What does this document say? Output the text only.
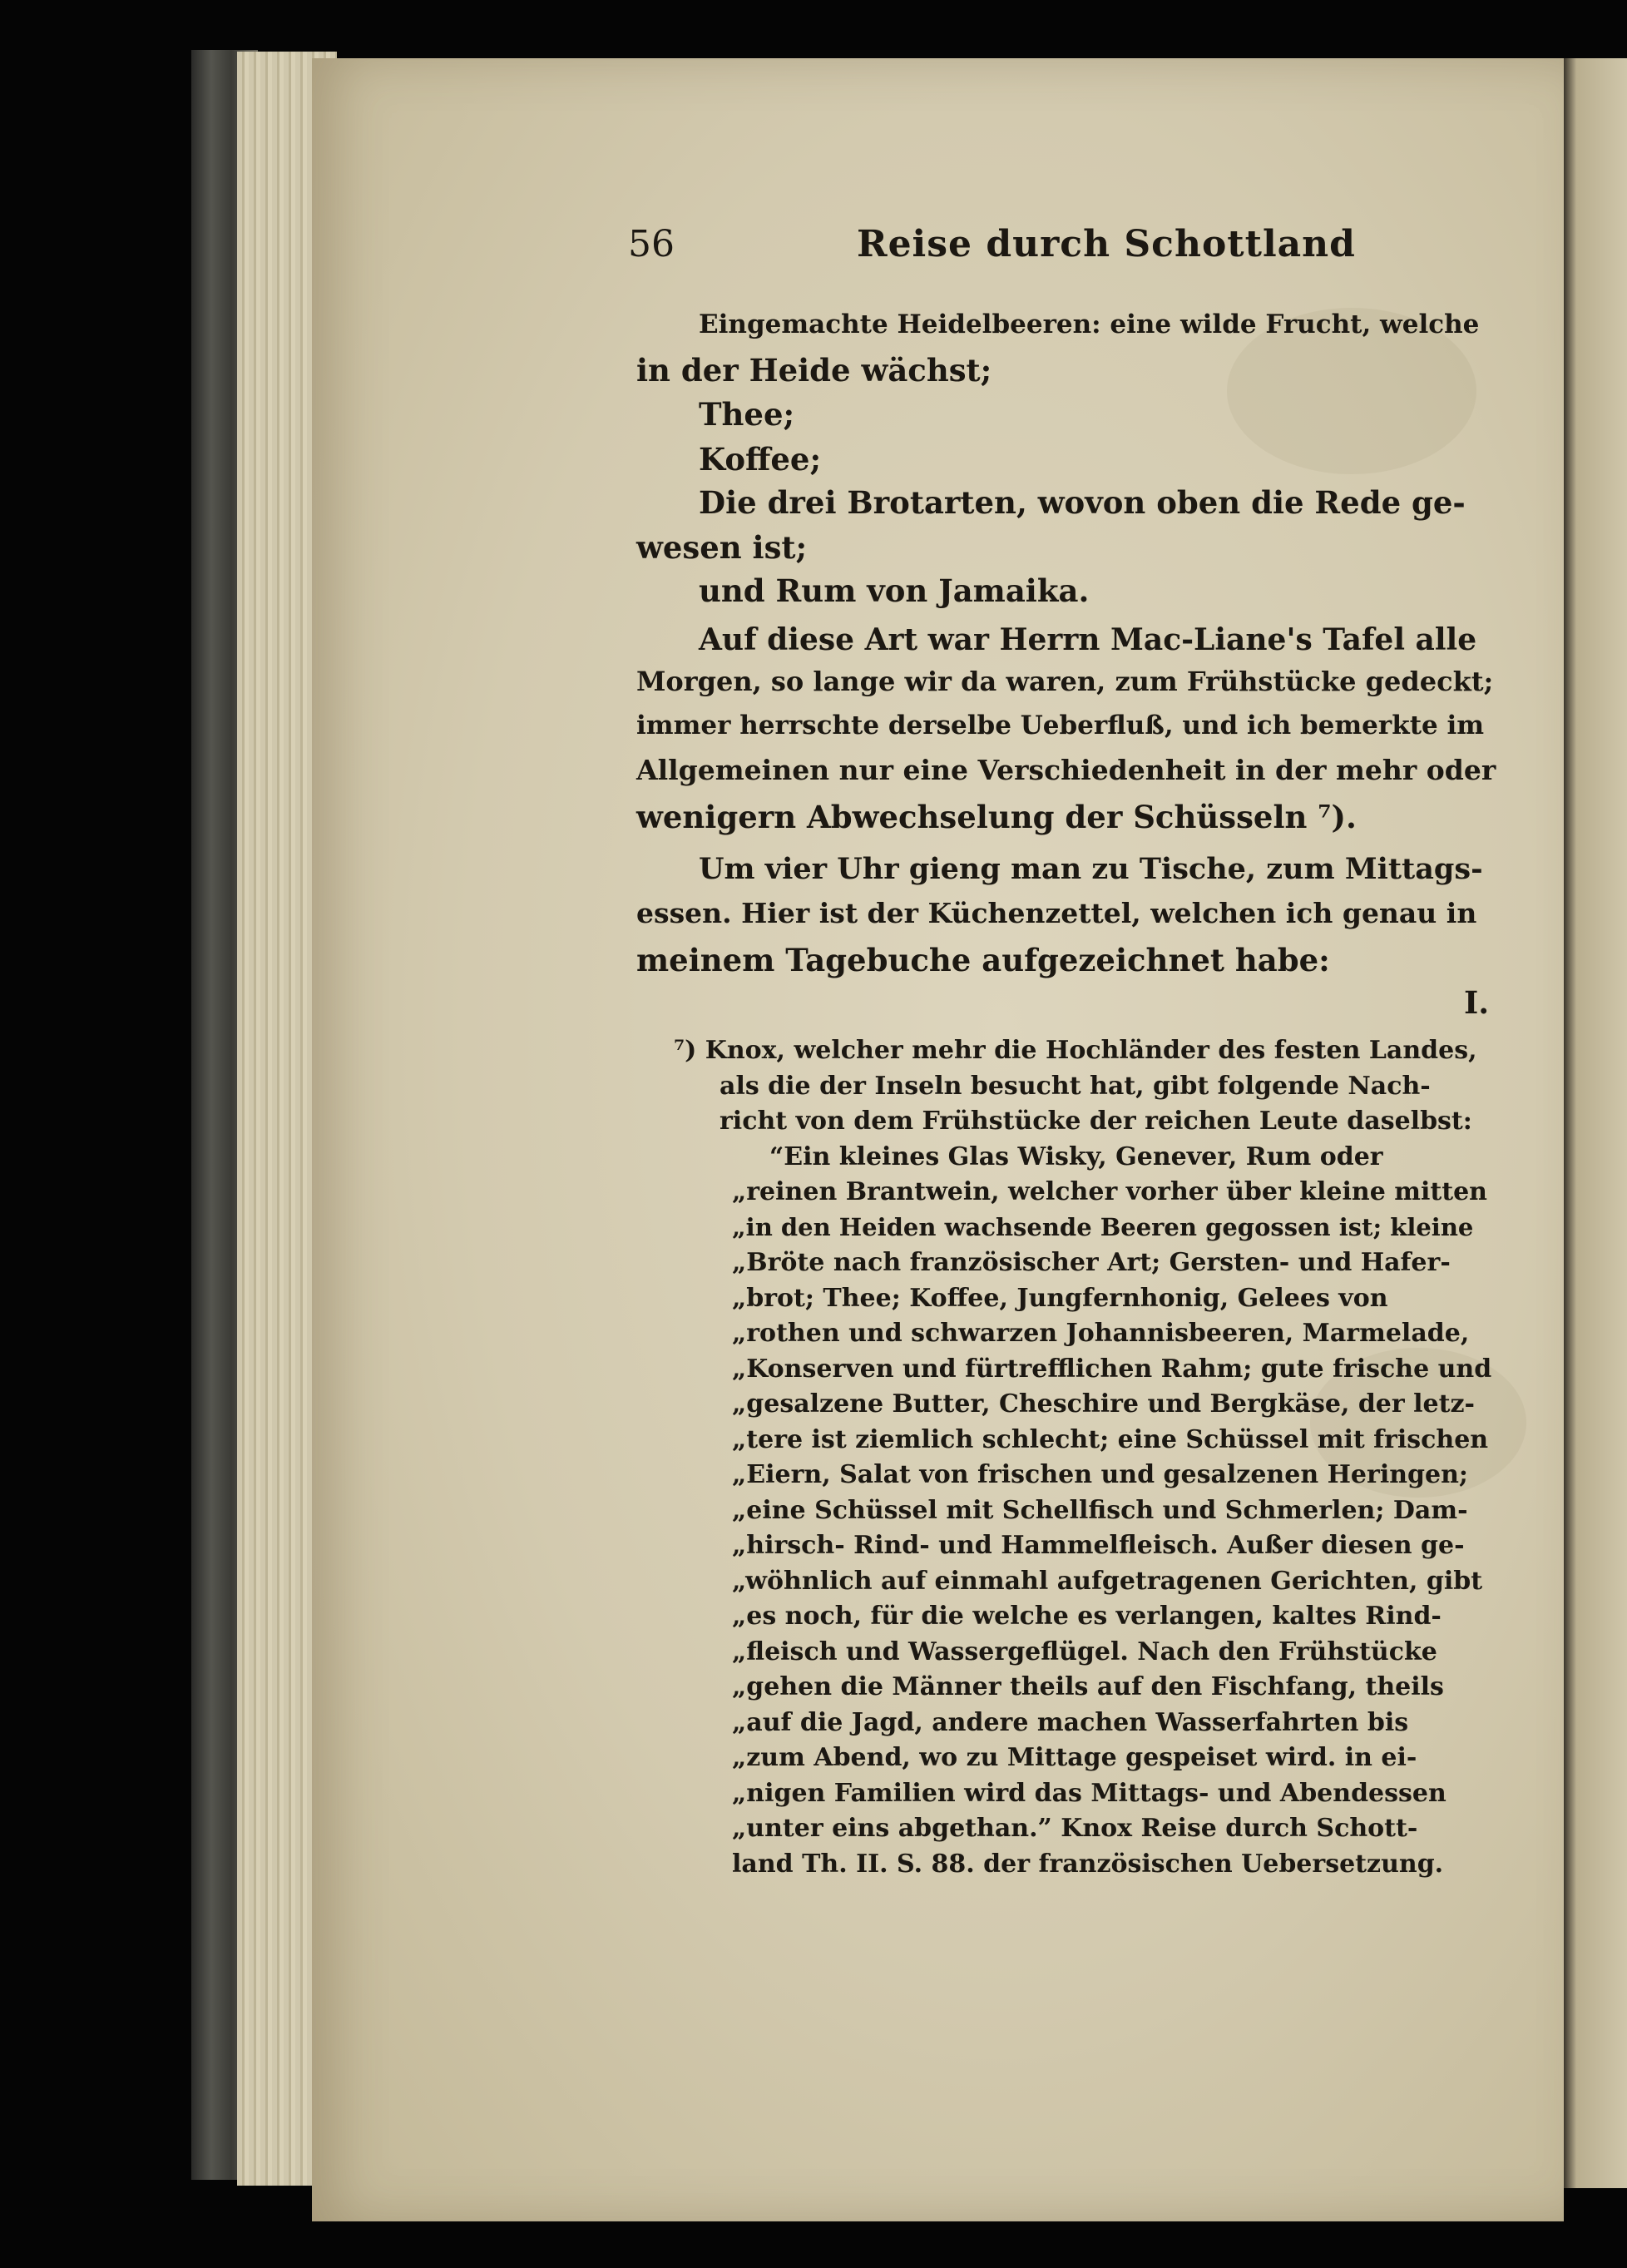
56	Reise durch Schottland
Eingemachte Heidelbeeren: eine wilde Frucht, welche
in der Heide wächst;
Thee;
Koffee;
Die drei Brotarten, wovon oben die Rede ge-
wesen ist;
und Rum von Jamaika.
Auf diese Art war Herrn Mac-Liane's Tafel alle
Morgen, so lange wir da waren, zum Frühstücke gedeckt;
immer herrschte derselbe Ueberfluß, und ich bemerkte im
Allgemeinen nur eine Verschiedenheit in der mehr oder
wenigern Abwechselung der Schüsseln ⁷).
Um vier Uhr gieng man zu Tische, zum Mittags-
essen. Hier ist der Küchenzettel, welchen ich genau in
meinem Tagebuche aufgezeichnet habe:
I.
⁷) Knox, welcher mehr die Hochländer des festen Landes,
als die der Inseln besucht hat, gibt folgende Nach-
richt von dem Frühstücke der reichen Leute daselbst:
“Ein kleines Glas Wisky, Genever, Rum oder
„reinen Brantwein, welcher vorher über kleine mitten
„in den Heiden wachsende Beeren gegossen ist; kleine
„Bröte nach französischer Art; Gersten- und Hafer-
„brot; Thee; Koffee, Jungfernhonig, Gelees von
„rothen und schwarzen Johannisbeeren, Marmelade,
„Konserven und fürtrefflichen Rahm; gute frische und
„gesalzene Butter, Cheschire und Bergkäse, der letz-
„tere ist ziemlich schlecht; eine Schüssel mit frischen
„Eiern, Salat von frischen und gesalzenen Heringen;
„eine Schüssel mit Schellfisch und Schmerlen; Dam-
„hirsch- Rind- und Hammelfleisch. Außer diesen ge-
„wöhnlich auf einmahl aufgetragenen Gerichten, gibt
„es noch, für die welche es verlangen, kaltes Rind-
„fleisch und Wassergeflügel. Nach den Frühstücke
„gehen die Männer theils auf den Fischfang, theils
„auf die Jagd, andere machen Wasserfahrten bis
„zum Abend, wo zu Mittage gespeiset wird. in ei-
„nigen Familien wird das Mittags- und Abendessen
„unter eins abgethan.” Knox Reise durch Schott-
land Th. II. S. 88. der französischen Uebersetzung.
